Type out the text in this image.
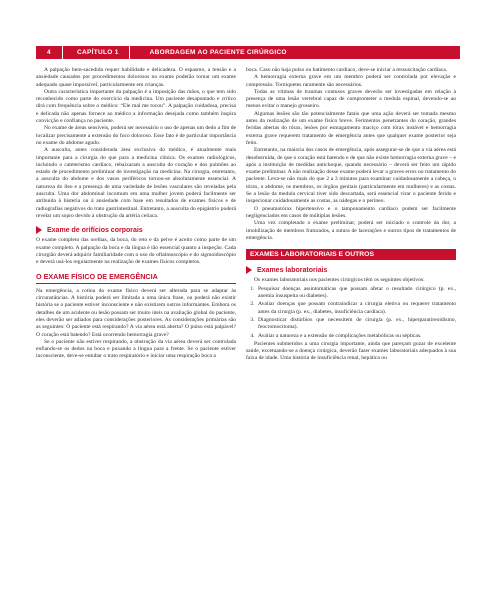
4	CAPÍTULO 1	ABORDAGEM AO PACIENTE CIRÚRGICO

A palpação bem-sucedida requer habilidade e delicadeza. O espasmo, a tensão e a ansiedade causados por procedimentos dolorosos no exame poderão tornar um exame adequado quase impossível, particularmente em crianças.

Outra característica importante da palpação é a imposição das mãos, o que tem sido reconhecido como parte do exercício da medicina. Um paciente desapontado e crítico dirá com frequência sobre o médico: “Ele mal me tocou”. A palpação cuidadosa, precisa e delicada não apenas fornece ao médico a informação desejada como também inspira convicção e confiança no paciente.

No exame de áreas sensíveis, poderá ser necessário o uso de apenas um dedo a fim de localizar precisamente a extensão do foco doloroso. Esse fato é de particular importância no exame do abdome agudo.

A ausculta, antes considerada área exclusiva do médico, é atualmente mais importante para a cirurgia do que para a medicina clínica. Os exames radiológicos, incluindo o cateterismo cardíaco, rebaixaram a ausculta do coração e dos pulmões ao estado de procedimento preliminar de investigação na medicina. Na cirurgia, entretanto, a ausculta do abdome e dos vasos periféricos tornou-se absolutamente essencial. A natureza do íleo e a presença de uma variedade de lesões vasculares são reveladas pela ausculta. Uma dor abdominal incomum em uma mulher jovem poderá facilmente ser atribuída à histeria ou à ansiedade com base em resultados de exames físicos e de radiografias negativos do trato gastrintestinal. Entretanto, a ausculta do epigástrio poderá revelar um sopro devido à obstrução da artéria celíaca.

Exame de orifícios corporais

O exame completo das orelhas, da boca, do reto e da pelve é aceito como parte de um exame completo. A palpação da boca e da língua é tão essencial quanto a inspeção. Cada cirurgião deverá adquirir familiaridade com o uso do oftalmoscópio e do sigmoidoscópio e deverá usá-los regularmente na realização de exames físicos completos.

O EXAME FÍSICO DE EMERGÊNCIA

Na emergência, a rotina do exame físico deverá ser alterada para se adaptar às circunstâncias. A história poderá ser limitada a uma única frase, ou poderá não existir história se o paciente estiver inconsciente e não existirem outros informantes. Embora os detalhes de um acidente ou lesão possam ser muito úteis na avaliação global do paciente, eles deverão ser adiados para considerações posteriores. As considerações primárias são as seguintes: O paciente está respirando? A via aérea está aberta? O pulso está palpável? O coração está batendo? Está ocorrendo hemorragia grave?

Se o paciente não estiver respirando, a obstrução da via aérea deverá ser controlada enfiando-se os dedos na boca e puxando a língua para a frente. Se o paciente estiver inconsciente, deve-se entubar o trato respiratório e iniciar uma respiração boca a

boca. Caso não haja pulso ou batimento cardíaco, deve-se iniciar a ressuscitação cardíaca.

A hemorragia externa grave em um membro poderá ser controlada por elevação e compressão. Torniquetes raramente são necessários.

Todas as vítimas de traumas contusos graves deverão ser investigadas em relação à presença de uma lesão vertebral capaz de comprometer a medula espinal, devendo-se ao menos evitar o manejo grosseiro.

Algumas lesões são tão potencialmente fatais que uma ação deverá ser tomada mesmo antes da realização de um exame físico breve. Ferimentos penetrantes do coração, grandes feridas abertas do tórax, lesões por esmagamento maciço com tórax instável e hemorragia externa grave requerem tratamento de emergência antes que qualquer exame posterior seja feito.

Entretanto, na maioria dos casos de emergência, após assegurar-se de que a via aérea está desobstruída, de que o coração está batendo e de que não existe hemorragia externa grave – e após a instituição de medidas antichoque, quando necessário – deverá ser feito um rápido exame preliminar. A não realização desse exame poderá levar a graves erros no tratamento do paciente. Leva-se não mais do que 2 a 3 minutos para examinar cuidadosamente a cabeça, o tórax, o abdome, os membros, os órgãos genitais (particularmente em mulheres) e as costas. Se a lesão da medula cervical tiver sido descartada, será essencial virar o paciente ferido e inspecionar cuidadosamente as costas, as nádegas e o períneo.

O pneumotórax hipertensivo e o tamponamento cardíaco podem ser facilmente negligenciados em casos de múltiplas lesões.

Uma vez completado o exame preliminar, poderá ser iniciado o controle da dor, a imobilização de membros fraturados, a sutura de lacerações e outros tipos de tratamentos de emergência.

EXAMES LABORATORIAIS E OUTROS
Exames laboratoriais

Os exames laboratoriais nos pacientes cirúrgicos têm os seguintes objetivos:

1. Pesquisar doenças assintomáticas que possam afetar o resultado cirúrgico (p. ex., anemia insuspeita ou diabetes).
2. Avaliar doenças que possam contraindicar a cirurgia eletiva ou requerer tratamento antes da cirurgia (p. ex., diabetes, insuficiência cardíaca).
3. Diagnosticar distúrbios que necessitem de cirurgia (p. ex., hiperparatireoidismo, feocromocitoma).
4. Avaliar a natureza e a extensão de complicações metabólicas ou sépticas.

Pacientes submetidos a uma cirurgia importante, ainda que pareçam gozar de excelente saúde, excetuando-se a doença cirúrgica, deverão fazer exames laboratoriais adequados à sua faixa de idade. Uma história de insuficiência renal, hepática ou
